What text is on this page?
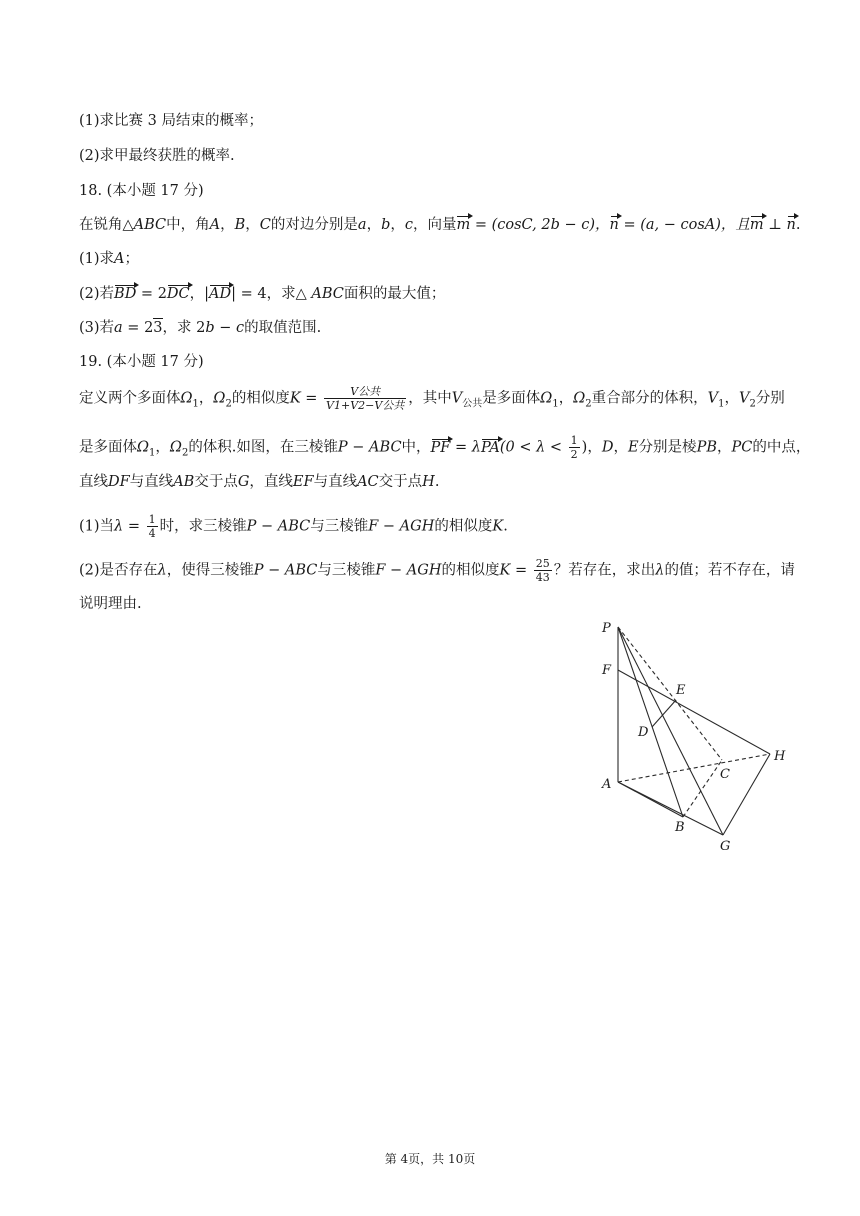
(1)求比赛 3 局结束的概率；
(2)求甲最终获胜的概率.
18. (本小题 17 分)
在锐角△ABC中，角A，B，C的对边分别是a，b，c，向量m = (cosC, 2b − c)，n = (a, − cosA)，且m ⊥ n.
(1)求A；
(2)若BD = 2DC，|AD| = 4，求△ ABC面积的最大值；
(3)若a = 23，求 2b − c的取值范围.
19. (本小题 17 分)
定义两个多面体$\Omega_1$，$\Omega_2$的相似度$K = \frac{\text{V公共}}{\text{V1+V2−V公共}}$ ，其中$V_{公共}$是多面体$\Omega_1$，$\Omega_2$重合部分的体积，$V_1$，$V_2$分别
是多面体$\Omega_1$，$\Omega_2$的体积.如图，在三棱锥P − ABC中，PF = $\lambda PA(0 < \lambda < \frac{1}{2}$ )，D，E分别是棱PB，PC的中点，
直线DF与直线AB交于点G，直线EF与直线AC交于点H.
(1)当$\lambda = \frac{1}{4}$ 时，求三棱锥P − ABC与三棱锥F − AGH的相似度K.
(2)是否存在λ，使得三棱锥P − ABC与三棱锥F − AGH的相似度$K = \frac{25}{43}$ ？若存在，求出λ的值；若不存在，请
说明理由.
P
F
E
D
A
C
H
B
G
第 4页，共 10页
